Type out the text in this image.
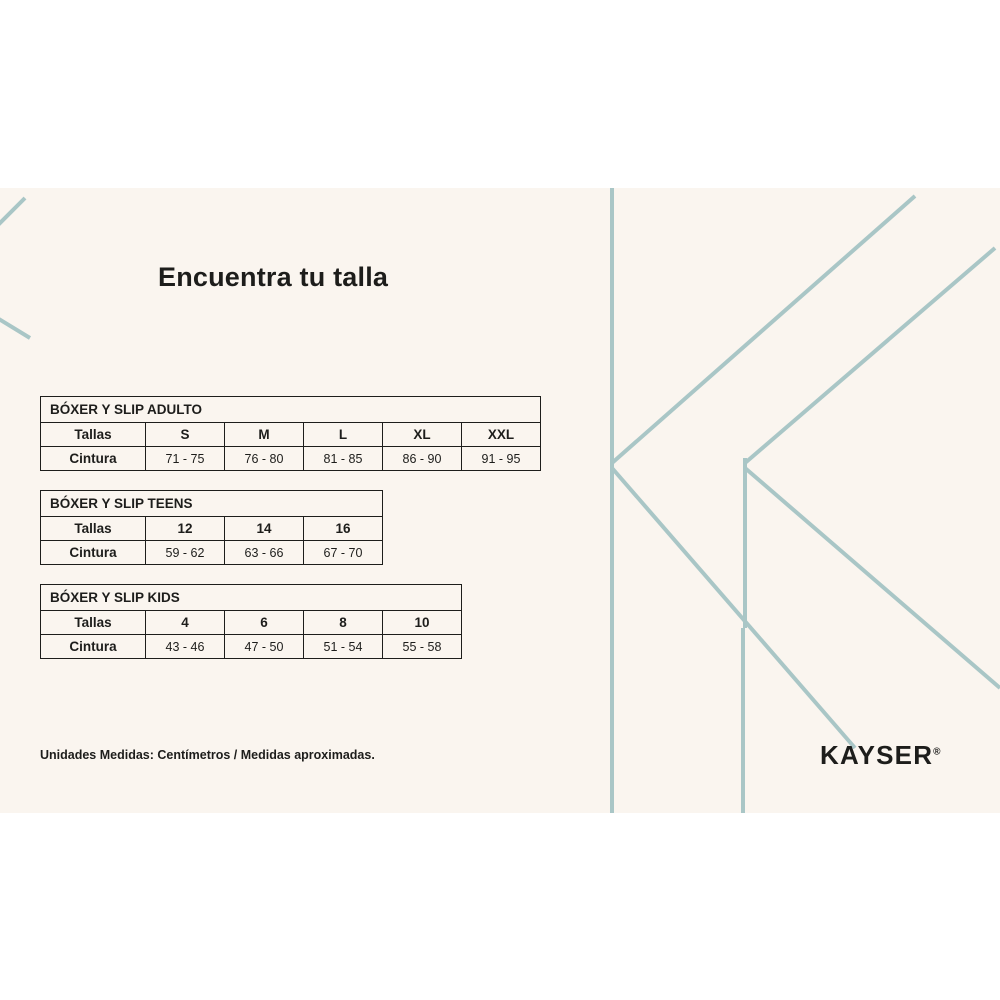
Encuentra tu talla
BÓXER Y SLIP ADULTO					
Tallas	S	M	L	XL	XXL
Cintura	71 - 75	76 - 80	81 - 85	86 - 90	91 - 95
BÓXER Y SLIP TEENS			
Tallas	12	14	16
Cintura	59 - 62	63 - 66	67 - 70
BÓXER Y SLIP KIDS				
Tallas	4	6	8	10
Cintura	43 - 46	47 - 50	51 - 54	55 - 58
Unidades Medidas: Centímetros / Medidas aproximadas.	KAYSER®
